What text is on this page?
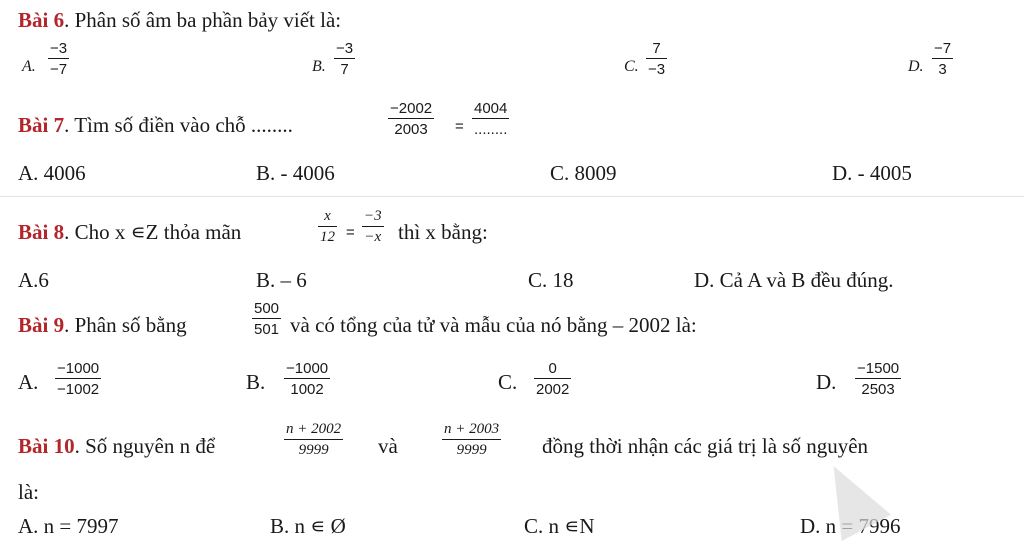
Bài 6. Phân số âm ba phần bảy viết là:
A.
−3
−7	B.
−3
7	C.
7
−3	D.
−7
3
Bài 7. Tìm số điền vào chỗ ........
−2002
2003 =
4004
........
A. 4006	B. - 4006	C. 8009	D. - 4005
Bài 8. Cho x ∊Z thỏa mãn
x
12 =
−3
−x thì x bằng:
A.6	B. – 6	C. 18	D. Cả A và B đều đúng.
Bài 9. Phân số bằng
500
501 và có tổng của tử và mẫu của nó bằng – 2002 là:
A.
−1000
−1002	B.
−1000
1002	C.
0
2002	D.
−1500
2503
Bài 10. Số nguyên n để
n + 2002
9999 và
n + 2003
9999	đồng thời nhận các giá trị là số nguyên
là:
A. n = 7997	B. n ∊ Ø	C. n ∊N	D. n = 7996
